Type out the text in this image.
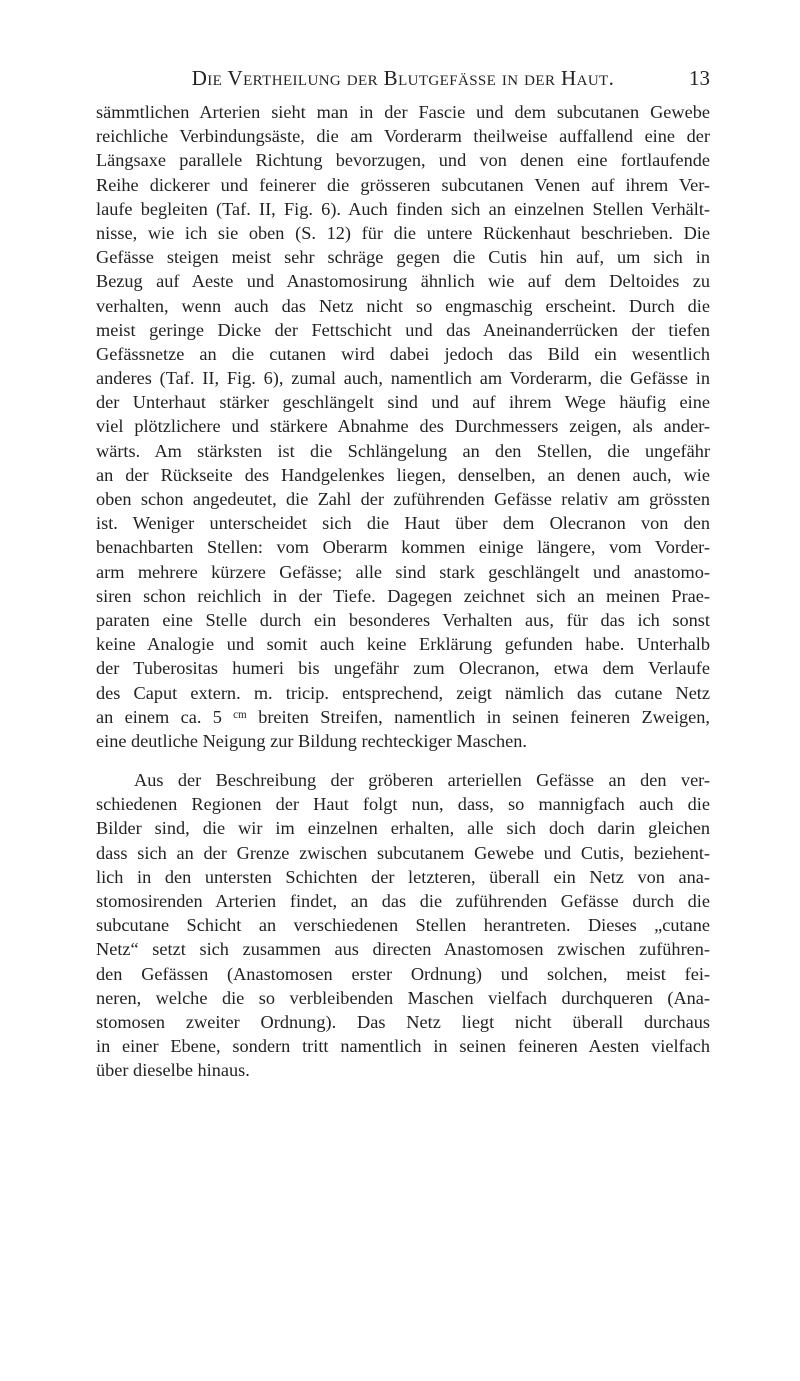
Die Vertheilung der Blutgefässe in der Haut.	13
sämmtlichen Arterien sieht man in der Fascie und dem subcutanen Gewebe
reichliche Verbindungsäste, die am Vorderarm theilweise auffallend eine der
Längsaxe parallele Richtung bevorzugen, und von denen eine fortlaufende
Reihe dickerer und feinerer die grösseren subcutanen Venen auf ihrem Ver-
laufe begleiten (Taf. II, Fig. 6). Auch finden sich an einzelnen Stellen Verhält-
nisse, wie ich sie oben (S. 12) für die untere Rückenhaut beschrieben. Die
Gefässe steigen meist sehr schräge gegen die Cutis hin auf, um sich in
Bezug auf Aeste und Anastomosirung ähnlich wie auf dem Deltoides zu
verhalten, wenn auch das Netz nicht so engmaschig erscheint. Durch die
meist geringe Dicke der Fettschicht und das Aneinanderrücken der tiefen
Gefässnetze an die cutanen wird dabei jedoch das Bild ein wesentlich
anderes (Taf. II, Fig. 6), zumal auch, namentlich am Vorderarm, die Gefässe in
der Unterhaut stärker geschlängelt sind und auf ihrem Wege häufig eine
viel plötzlichere und stärkere Abnahme des Durchmessers zeigen, als ander-
wärts. Am stärksten ist die Schlängelung an den Stellen, die ungefähr
an der Rückseite des Handgelenkes liegen, denselben, an denen auch, wie
oben schon angedeutet, die Zahl der zuführenden Gefässe relativ am grössten
ist. Weniger unterscheidet sich die Haut über dem Olecranon von den
benachbarten Stellen: vom Oberarm kommen einige längere, vom Vorder-
arm mehrere kürzere Gefässe; alle sind stark geschlängelt und anastomo-
siren schon reichlich in der Tiefe. Dagegen zeichnet sich an meinen Prae-
paraten eine Stelle durch ein besonderes Verhalten aus, für das ich sonst
keine Analogie und somit auch keine Erklärung gefunden habe. Unterhalb
der Tuberositas humeri bis ungefähr zum Olecranon, etwa dem Verlaufe
des Caput extern. m. tricip. entsprechend, zeigt nämlich das cutane Netz
an einem ca. 5 ᶜᵐ breiten Streifen, namentlich in seinen feineren Zweigen,
eine deutliche Neigung zur Bildung rechteckiger Maschen.
Aus der Beschreibung der gröberen arteriellen Gefässe an den ver-
schiedenen Regionen der Haut folgt nun, dass, so mannigfach auch die
Bilder sind, die wir im einzelnen erhalten, alle sich doch darin gleichen
dass sich an der Grenze zwischen subcutanem Gewebe und Cutis, beziehent-
lich in den untersten Schichten der letzteren, überall ein Netz von ana-
stomosirenden Arterien findet, an das die zuführenden Gefässe durch die
subcutane Schicht an verschiedenen Stellen herantreten. Dieses „cutane
Netz“ setzt sich zusammen aus directen Anastomosen zwischen zuführen-
den Gefässen (Anastomosen erster Ordnung) und solchen, meist fei-
neren, welche die so verbleibenden Maschen vielfach durchqueren (Ana-
stomosen zweiter Ordnung). Das Netz liegt nicht überall durchaus
in einer Ebene, sondern tritt namentlich in seinen feineren Aesten vielfach
über dieselbe hinaus.
